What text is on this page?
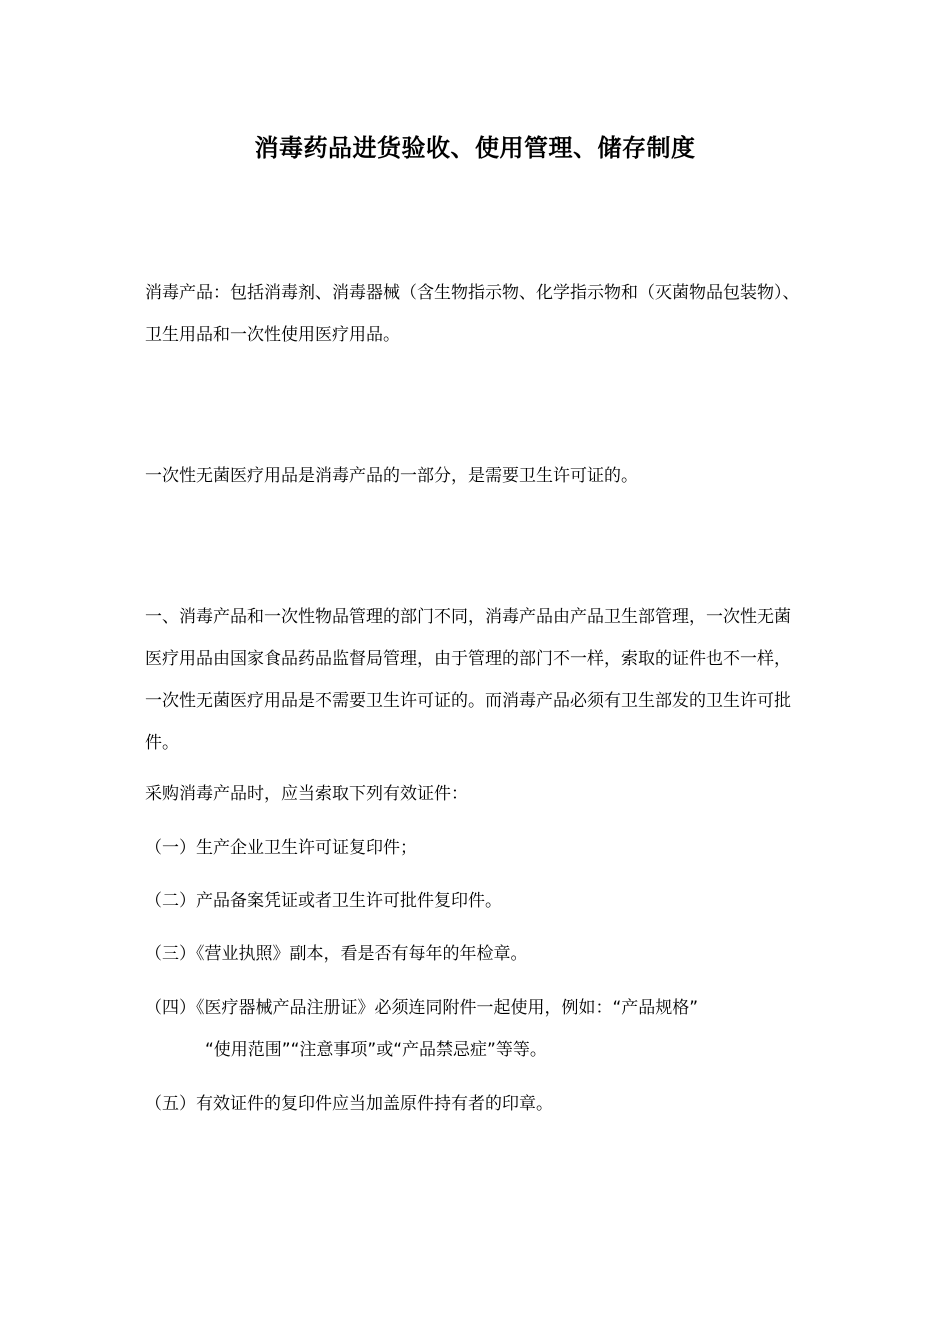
消毒药品进货验收、使用管理、储存制度

消毒产品：包括消毒剂、消毒器械（含生物指示物、化学指示物和（灭菌物品包装物）、卫生用品和一次性使用医疗用品。

一次性无菌医疗用品是消毒产品的一部分，是需要卫生许可证的。

一、消毒产品和一次性物品管理的部门不同，消毒产品由产品卫生部管理，一次性无菌医疗用品由国家食品药品监督局管理，由于管理的部门不一样，索取的证件也不一样，一次性无菌医疗用品是不需要卫生许可证的。而消毒产品必须有卫生部发的卫生许可批件。

采购消毒产品时，应当索取下列有效证件：
（一）生产企业卫生许可证复印件；
（二）产品备案凭证或者卫生许可批件复印件。
（三）《营业执照》副本，看是否有每年的年检章。
（四）《医疗器械产品注册证》必须连同附件一起使用，例如：“产品规格”
“使用范围”“注意事项”或“产品禁忌症”等等。
（五）有效证件的复印件应当加盖原件持有者的印章。
